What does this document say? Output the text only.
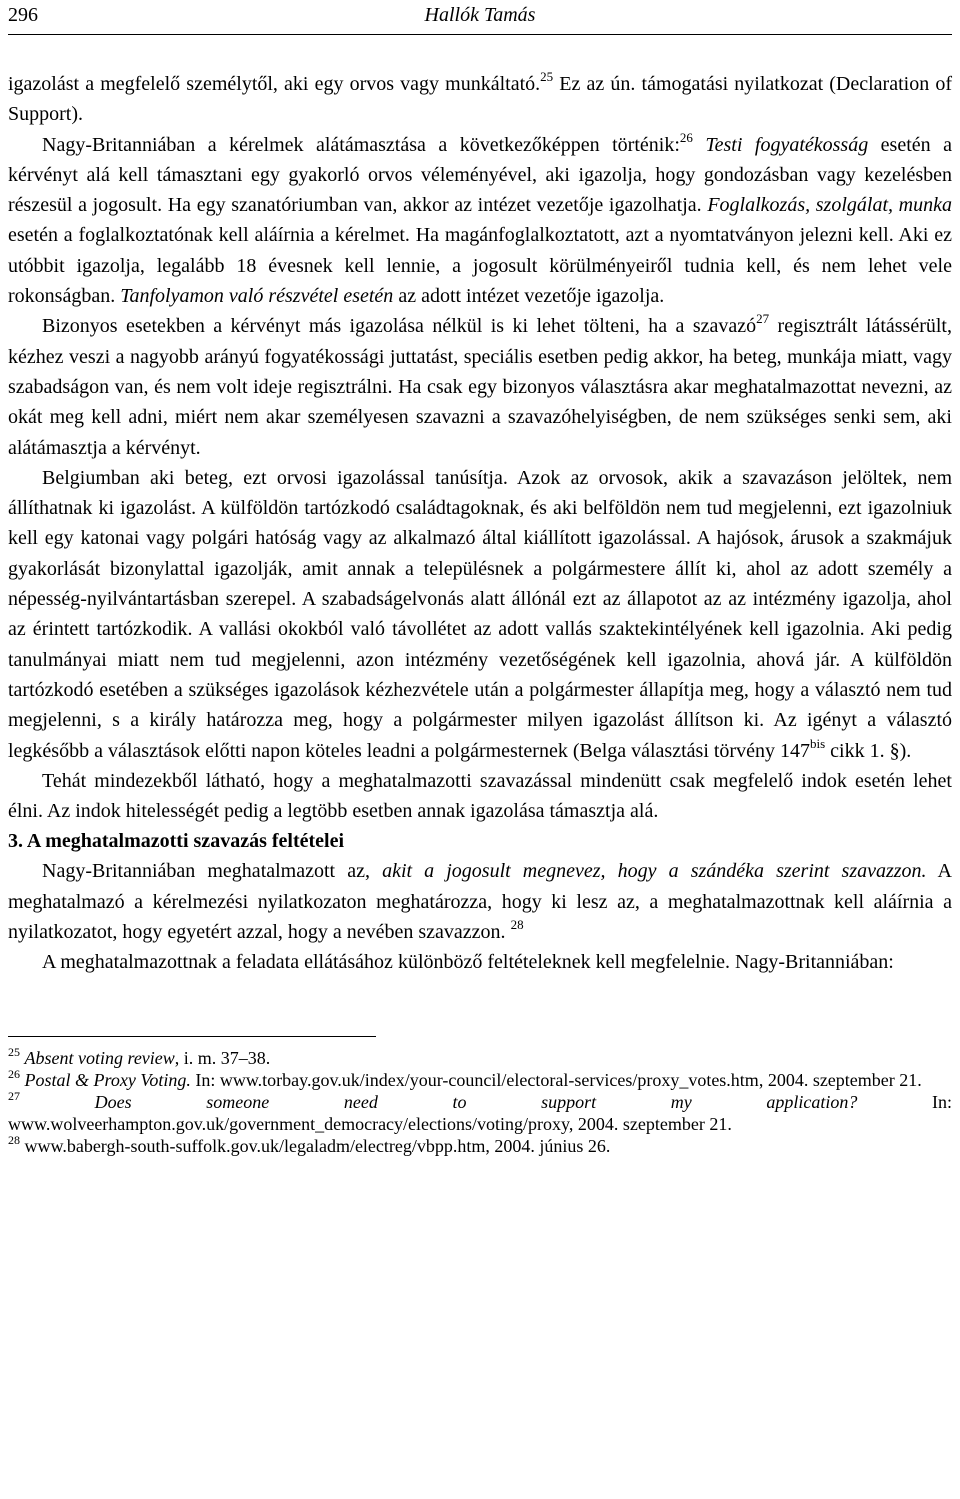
296	Hallók Tamás

igazolást a megfelelő személytől, aki egy orvos vagy munkáltató.$^{25}$ Ez az ún. támogatási nyilatkozat (Declaration of Support).

Nagy-Britanniában a kérelmek alátámasztása a következőképpen történik:$^{26}$ Testi fogyatékosság esetén a kérvényt alá kell támasztani egy gyakorló orvos véleményével, aki igazolja, hogy gondozásban vagy kezelésben részesül a jogosult. Ha egy szanatóriumban van, akkor az intézet vezetője igazolhatja. Foglalkozás, szolgálat, munka esetén a foglalkoztatónak kell aláírnia a kérelmet. Ha magánfoglalkoztatott, azt a nyomtatványon jelezni kell. Aki ez utóbbit igazolja, legalább 18 évesnek kell lennie, a jogosult körülményeiről tudnia kell, és nem lehet vele rokonságban. Tanfolyamon való részvétel esetén az adott intézet vezetője igazolja.

Bizonyos esetekben a kérvényt más igazolása nélkül is ki lehet tölteni, ha a szavazó$^{27}$ regisztrált látássérült, kézhez veszi a nagyobb arányú fogyatékossági juttatást, speciális esetben pedig akkor, ha beteg, munkája miatt, vagy szabadságon van, és nem volt ideje regisztrálni. Ha csak egy bizonyos választásra akar meghatalmazottat nevezni, az okát meg kell adni, miért nem akar személyesen szavazni a szavazóhelyiségben, de nem szükséges senki sem, aki alátámasztja a kérvényt.

Belgiumban aki beteg, ezt orvosi igazolással tanúsítja. Azok az orvosok, akik a szavazáson jelöltek, nem állíthatnak ki igazolást. A külföldön tartózkodó családtagoknak, és aki belföldön nem tud megjelenni, ezt igazolniuk kell egy katonai vagy polgári hatóság vagy az alkalmazó által kiállított igazolással. A hajósok, árusok a szakmájuk gyakorlását bizonylattal igazolják, amit annak a településnek a polgármestere állít ki, ahol az adott személy a népesség-nyilvántartásban szerepel. A szabadságelvonás alatt állónál ezt az állapotot az az intézmény igazolja, ahol az érintett tartózkodik. A vallási okokból való távollétet az adott vallás szaktekintélyének kell igazolnia. Aki pedig tanulmányai miatt nem tud megjelenni, azon intézmény vezetőségének kell igazolnia, ahová jár. A külföldön tartózkodó esetében a szükséges igazolások kézhezvétele után a polgármester állapítja meg, hogy a választó nem tud megjelenni, s a király határozza meg, hogy a polgármester milyen igazolást állítson ki. Az igényt a választó legkésőbb a választások előtti napon köteles leadni a polgármesternek (Belga választási törvény $147^{bis}$ cikk 1. §).

Tehát mindezekből látható, hogy a meghatalmazotti szavazással mindenütt csak megfelelő indok esetén lehet élni. Az indok hitelességét pedig a legtöbb esetben annak igazolása támasztja alá.

3. A meghatalmazotti szavazás feltételei

Nagy-Britanniában meghatalmazott az, akit a jogosult megnevez, hogy a szándéka szerint szavazzon. A meghatalmazó a kérelmezési nyilatkozaton meghatározza, hogy ki lesz az, a meghatalmazottnak kell aláírnia a nyilatkozatot, hogy egyetért azzal, hogy a nevében szavazzon. $^{28}$

A meghatalmazottnak a feladata ellátásához különböző feltételeknek kell megfelelnie. Nagy-Britanniában:

$^{25}$ Absent voting review, i. m. 37–38.

$^{26}$ Postal & Proxy Voting. In: www.torbay.gov.uk/index/your-council/electoral-services/proxy_votes.htm, 2004. szeptember 21.

$^{27}$	Does someone need to support my application? In: www.wolveerhampton.gov.uk/government_democracy/elections/voting/proxy, 2004. szeptember 21.

$^{28}$ www.babergh-south-suffolk.gov.uk/legaladm/electreg/vbpp.htm, 2004. június 26.
